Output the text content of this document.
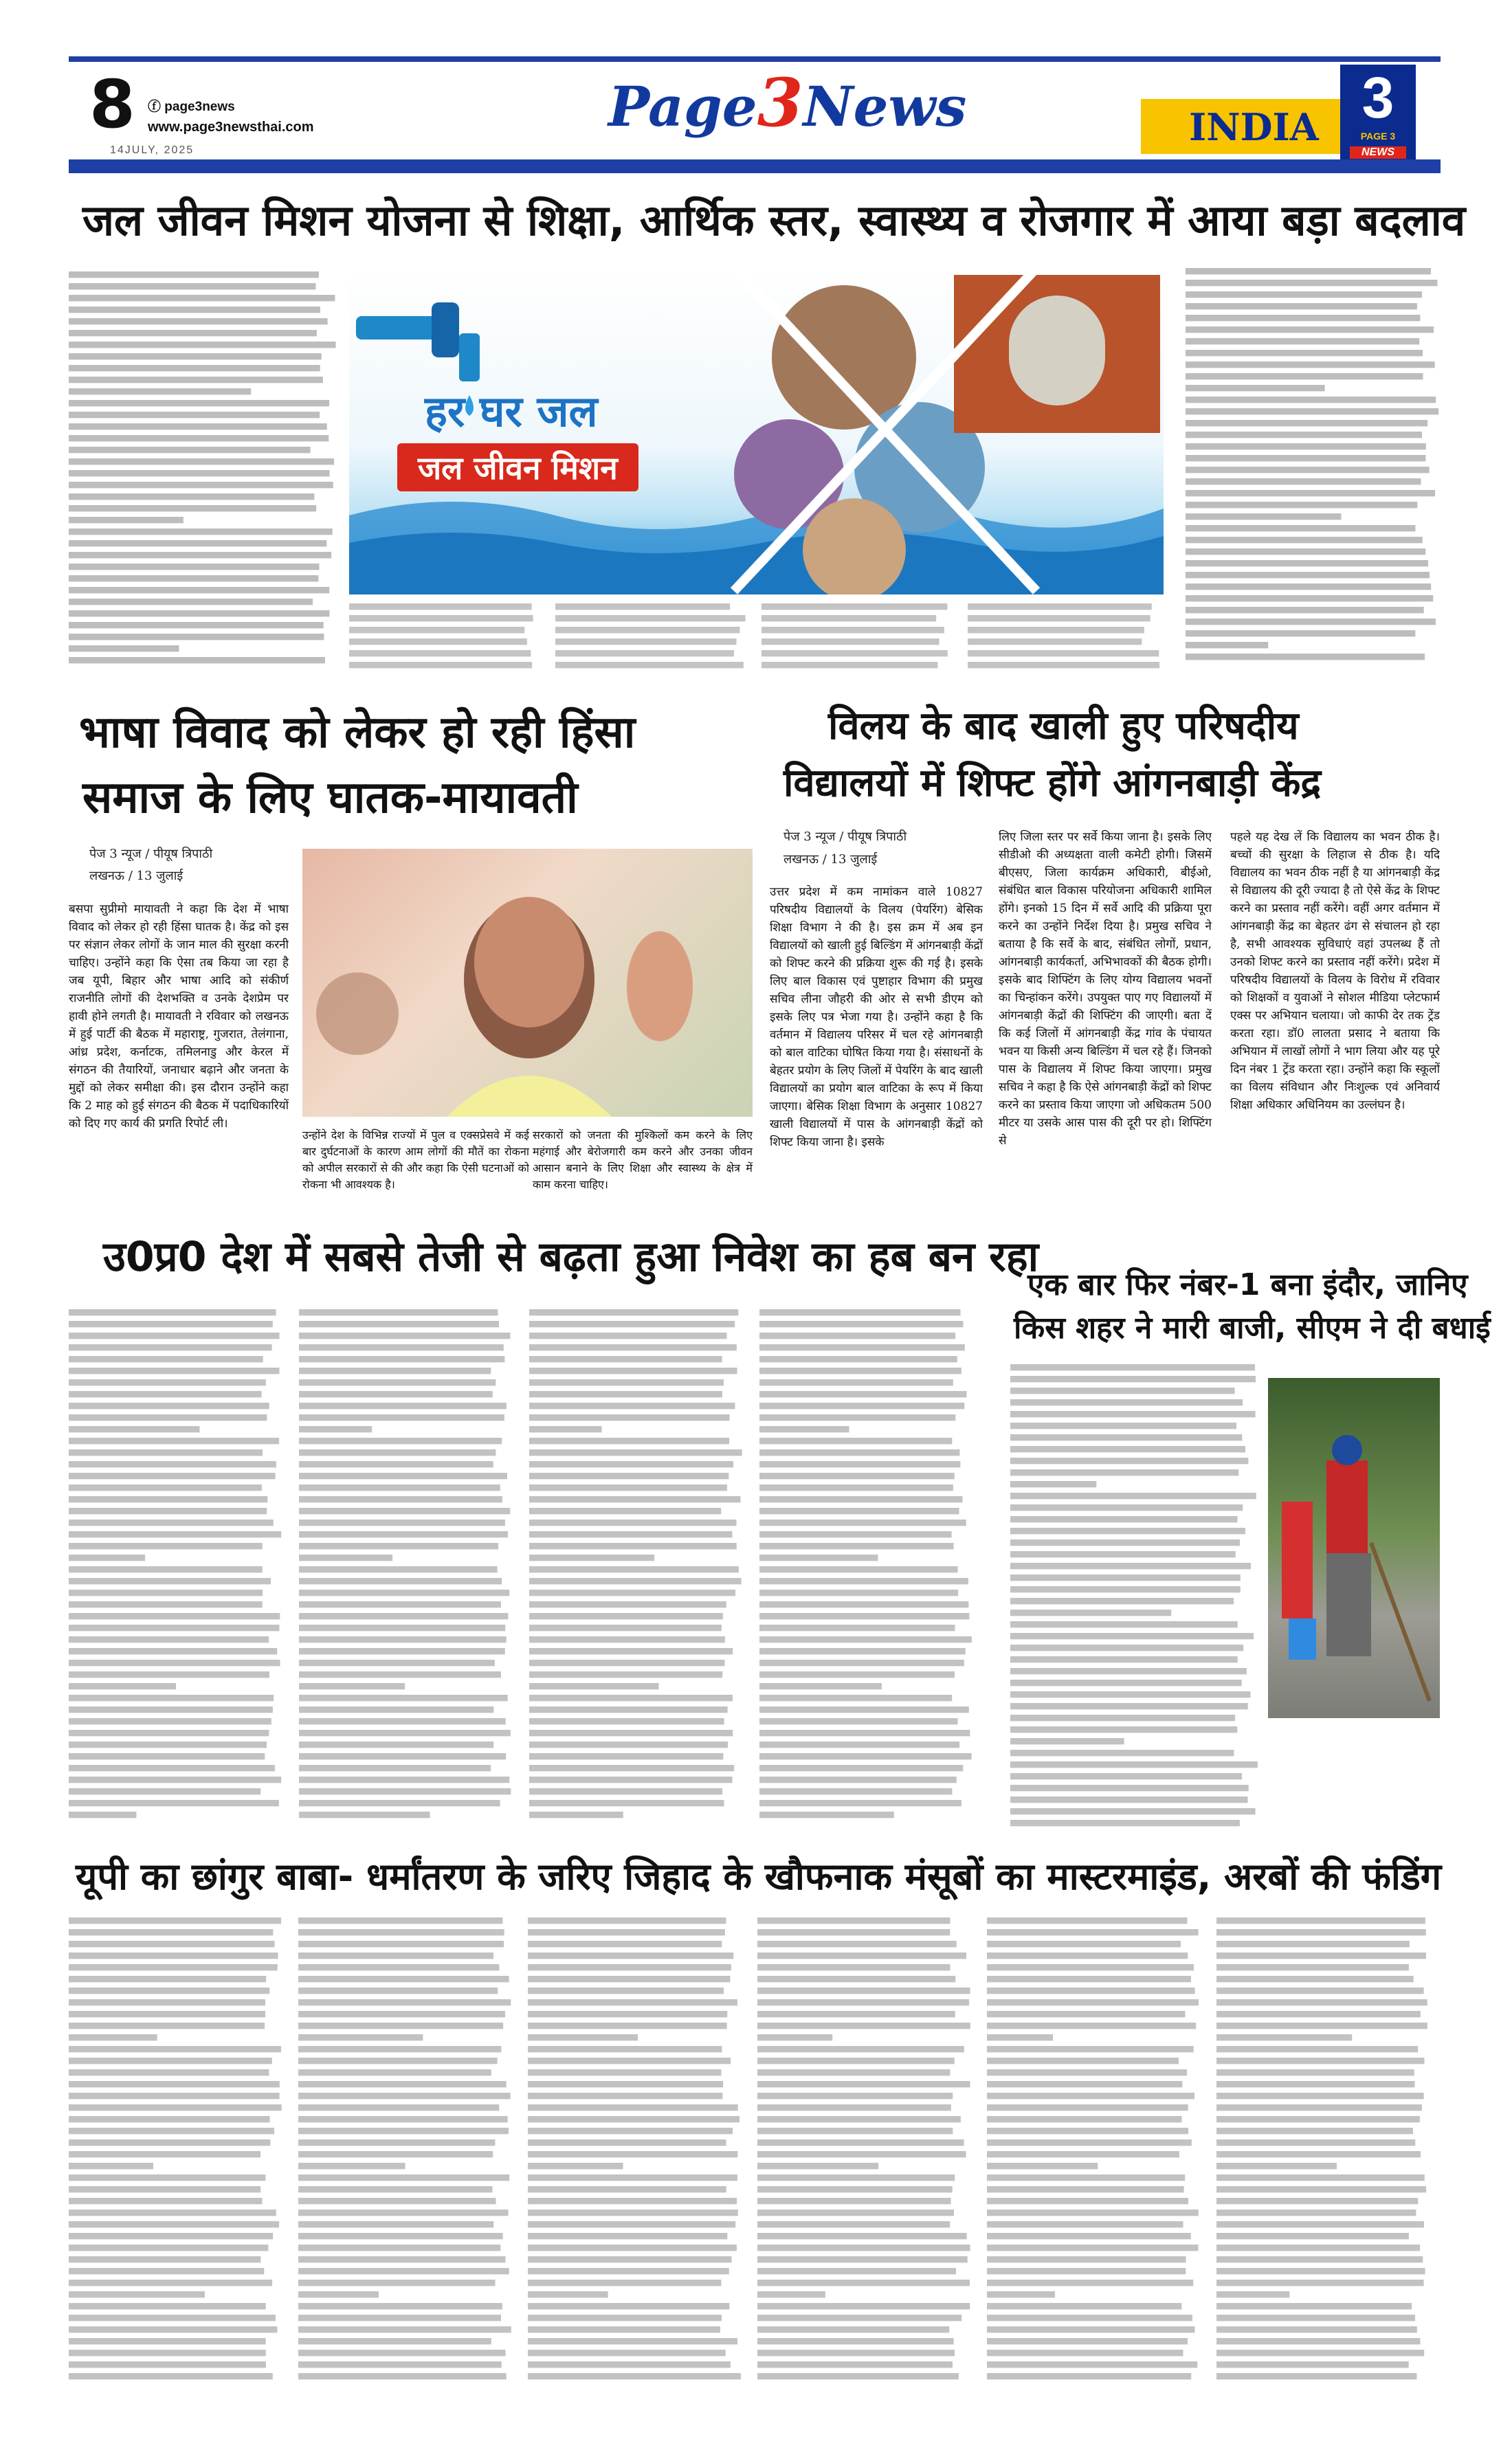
8 ⓕ page3news
www.page3newsthai.com
14JULY, 2025
Page3News	INDIA 3
PAGE 3
NEWS
जल जीवन मिशन योजना से शिक्षा, आर्थिक स्तर, स्वास्थ्य व रोजगार में आया बड़ा बदलाव
हर घर जल
जल जीवन मिशन
भाषा विवाद को लेकर हो रही हिंसा
समाज के लिए घातक-मायावती
पेज 3 न्यूज / पीयूष त्रिपाठी
लखनऊ / 13 जुलाई
बसपा सुप्रीमो मायावती ने कहा कि देश में भाषा विवाद को लेकर हो रही हिंसा घातक है। केंद्र को इस पर संज्ञान लेकर लोगों के जान माल की सुरक्षा करनी चाहिए। उन्होंने कहा कि ऐसा तब किया जा रहा है जब यूपी, बिहार और भाषा आदि को संकीर्ण राजनीति लोगों की देशभक्ति व उनके देशप्रेम पर हावी होने लगती है। मायावती ने रविवार को लखनऊ में हुई पार्टी की बैठक में महाराष्ट्र, गुजरात, तेलंगाना, आंध्र प्रदेश, कर्नाटक, तमिलनाडु और केरल में संगठन की तैयारियों, जनाधार बढ़ाने और जनता के मुद्दों को लेकर समीक्षा की। इस दौरान उन्होंने कहा कि 2 माह को हुई संगठन की बैठक में पदाधिकारियों को दिए गए कार्य की प्रगति रिपोर्ट ली।
उन्होंने देश के विभिन्न राज्यों में पुल व एक्सप्रेसवे में कई बार दुर्घटनाओं के कारण आम लोगों की मौतें का रोकना को अपील सरकारों से की और कहा कि ऐसी घटनाओं को रोकना भी आवश्यक है।
सरकारों को जनता की मुश्किलों कम करने के लिए महंगाई और बेरोजगारी कम करने और उनका जीवन आसान बनाने के लिए शिक्षा और स्वास्थ्य के क्षेत्र में काम करना चाहिए।
विलय के बाद खाली हुए परिषदीय
विद्यालयों में शिफ्ट होंगे आंगनबाड़ी केंद्र
पेज 3 न्यूज / पीयूष त्रिपाठी
लखनऊ / 13 जुलाई
उत्तर प्रदेश में कम नामांकन वाले 10827 परिषदीय विद्यालयों के विलय (पेयरिंग) बेसिक शिक्षा विभाग ने की है। इस क्रम में अब इन विद्यालयों को खाली हुई बिल्डिंग में आंगनबाड़ी केंद्रों को शिफ्ट करने की प्रक्रिया शुरू की गई है। इसके लिए बाल विकास एवं पुष्टाहार विभाग की प्रमुख सचिव लीना जौहरी की ओर से सभी डीएम को इसके लिए पत्र भेजा गया है। उन्होंने कहा है कि वर्तमान में विद्यालय परिसर में चल रहे आंगनबाड़ी को बाल वाटिका घोषित किया गया है। संसाधनों के बेहतर प्रयोग के लिए जिलों में पेयरिंग के बाद खाली विद्यालयों का प्रयोग बाल वाटिका के रूप में किया जाएगा। बेसिक शिक्षा विभाग के अनुसार 10827 खाली विद्यालयों में पास के आंगनबाड़ी केंद्रों को शिफ्ट किया जाना है। इसके
लिए जिला स्तर पर सर्वे किया जाना है। इसके लिए सीडीओ की अध्यक्षता वाली कमेटी होगी। जिसमें बीएसए, जिला कार्यक्रम अधिकारी, बीईओ, संबंधित बाल विकास परियोजना अधिकारी शामिल होंगे। इनको 15 दिन में सर्वे आदि की प्रक्रिया पूरा करने का उन्होंने निर्देश दिया है। प्रमुख सचिव ने बताया है कि सर्वे के बाद, संबंधित लोगों, प्रधान, आंगनबाड़ी कार्यकर्ता, अभिभावकों की बैठक होगी। इसके बाद शिफ्टिंग के लिए योग्य विद्यालय भवनों का चिन्हांकन करेंगे। उपयुक्त पाए गए विद्यालयों में आंगनबाड़ी केंद्रों की शिफ्टिंग की जाएगी। बता दें कि कई जिलों में आंगनबाड़ी केंद्र गांव के पंचायत भवन या किसी अन्य बिल्डिंग में चल रहे हैं। जिनको पास के विद्यालय में शिफ्ट किया जाएगा। प्रमुख सचिव ने कहा है कि ऐसे आंगनबाड़ी केंद्रों को शिफ्ट करने का प्रस्ताव किया जाएगा जो अधिकतम 500 मीटर या उसके आस पास की दूरी पर हो। शिफ्टिंग से
पहले यह देख लें कि विद्यालय का भवन ठीक है। बच्चों की सुरक्षा के लिहाज से ठीक है। यदि विद्यालय का भवन ठीक नहीं है या आंगनबाड़ी केंद्र से विद्यालय की दूरी ज्यादा है तो ऐसे केंद्र के शिफ्ट करने का प्रस्ताव नहीं करेंगे। वहीं अगर वर्तमान में आंगनबाड़ी केंद्र का बेहतर ढंग से संचालन हो रहा है, सभी आवश्यक सुविधाएं वहां उपलब्ध हैं तो उनको शिफ्ट करने का प्रस्ताव नहीं करेंगे। प्रदेश में परिषदीय विद्यालयों के विलय के विरोध में रविवार को शिक्षकों व युवाओं ने सोशल मीडिया प्लेटफार्म एक्स पर अभियान चलाया। जो काफी देर तक ट्रेंड करता रहा। डॉ0 लालता प्रसाद ने बताया कि अभियान में लाखों लोगों ने भाग लिया और यह पूरे दिन नंबर 1 ट्रेंड करता रहा। उन्होंने कहा कि स्कूलों का विलय संविधान और निःशुल्क एवं अनिवार्य शिक्षा अधिकार अधिनियम का उल्लंघन है।
उ0प्र0 देश में सबसे तेजी से बढ़ता हुआ निवेश का हब बन रहा
एक बार फिर नंबर-1 बना इंदौर, जानिए
किस शहर ने मारी बाजी, सीएम ने दी बधाई
यूपी का छांगुर बाबा- धर्मांतरण के जरिए जिहाद के खौफनाक मंसूबों का मास्टरमाइंड, अरबों की फंडिंग
